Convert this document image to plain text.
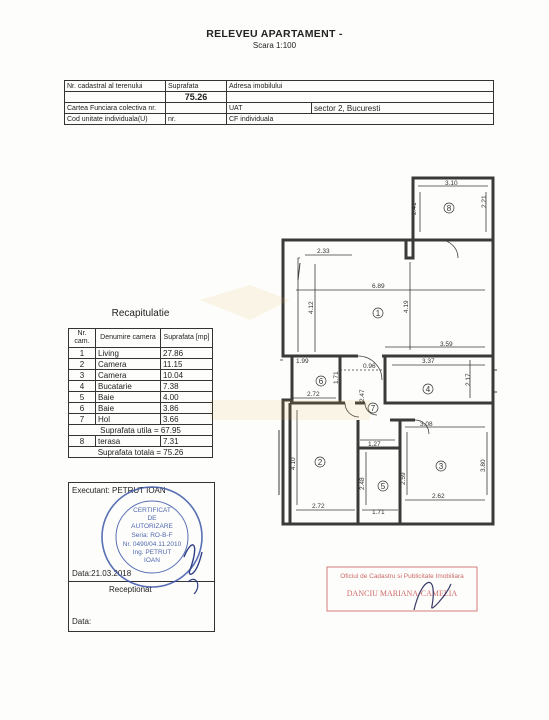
RELEVEU APARTAMENT -
Scara 1:100
Nr. cadastral al terenului	Suprafata	Adresa imobilului	
	75.26		
Cartea Funciara colectiva nr.		UAT	sector 2, Bucuresti
Cod unitate individuala(U)	nr.	CF individuala	
3.10
2.41
2.21
2.33
6.89
4.12	4.19
3.59
1.99
0.96
3.37
2.17
1.71
2.72	2.47
1.27
3.08
4.10
2.48	2.59
3.80
2.62
2.72
1.71
1
2	3
4
5
6
7
8
Recapitulatie
Nr. cam.	Denumire camera	Suprafata [mp]
1	Living	27.86
2	Camera	11.15
3	Camera	10.04
4	Bucatarie	7.38
5	Baie	4.00
6	Baie	3.86
7	Hol	3.66
Suprafata utila = 67.95		
8	terasa	7.31
Suprafata totala = 75.26		
Executant: PETRUT IOAN
Data:21.03.2018
Receptionat
Data:
CERTIFICAT
DE
AUTORIZARE
Seria: RO-B-F
Nr. 0490/04.11.2010
Ing. PETRUT
IOAN
Oficiul de Cadastru si Publicitate Imobiliara
DANCIU MARIANA-CAMELIA
